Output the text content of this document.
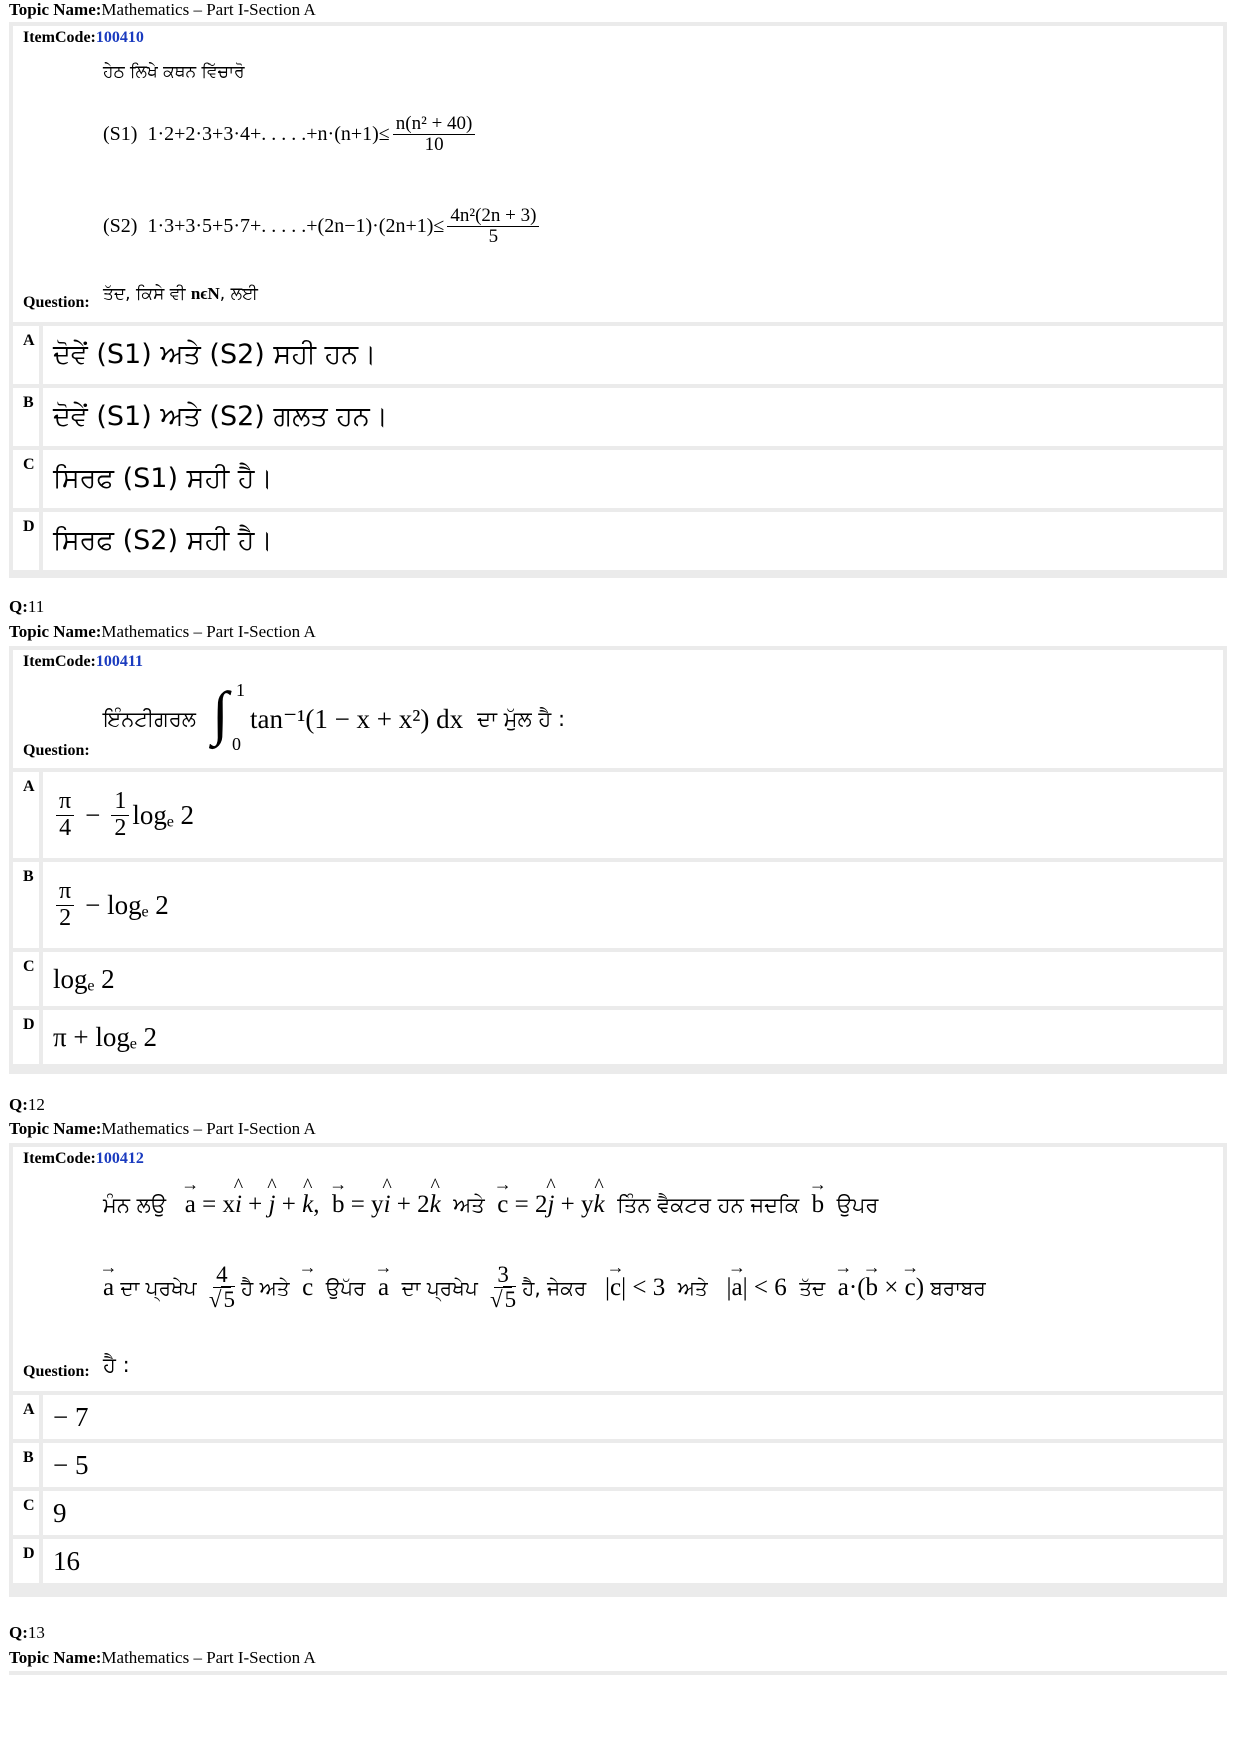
Topic Name:Mathematics – Part I-Section A
ItemCode:100410
ਹੇਠ ਲਿਖੇ ਕਥਨ ਵਿੱਚਾਰੋ
(S1)
1·2+2·3+3·4+. . . . $.+n\cdot(n+1)\le \frac{\text{n(n² + 40)}}{10}$
(S2)
1·3+3·5+5·7+. . . . $.+(2n-1)\cdot(2n+1)\le \frac{\text{4n²(2n + 3)}}{5}$
Question: ਤੱਦ, ਕਿਸੇ ਵੀ nϵN, ਲਈ
A ਦੋਵੇਂ (S1) ਅਤੇ (S2) ਸਹੀ ਹਨ।
B ਦੋਵੇਂ (S1) ਅਤੇ (S2) ਗਲਤ ਹਨ।
C ਸਿਰਫ (S1) ਸਹੀ ਹੈ।
D ਸਿਰਫ (S2) ਸਹੀ ਹੈ।
Q:11
Topic Name:Mathematics – Part I-Section A
ItemCode:100411
ਇੰਨਟੀਗਰਲ ∫ 1
0
tan⁻¹(1 − x + x²) dx ਦਾ ਮੁੱਲ ਹੈ :
Question:
A
$\frac{\pi}{4} - \frac{1}{2}$ logₑ 2
B
$\frac{\pi}{2} - \log_e$ 2
C logₑ 2
D π + logₑ 2
Q:12
Topic Name:Mathematics – Part I-Section A
ItemCode:100412
ਮੰਨ ਲਉ
→ a = x ^ i + ^ j + ^ k , → b = y ^ i + 2 ^ k
ਅਤੇ
→ c = 2 ^ j + y ^ k
ਤਿੰਨ ਵੈਕਟਰ ਹਨ ਜਦਕਿ
→ b
ਉਪਰ
→ a
ਦਾ ਪ੍ਰਖੇਪ
$\frac{4}{√5}$ ਹੈ ਅਤੇ
→ c
ਉਪੱਰ
→ a
ਦਾ ਪ੍ਰਖੇਪ
$\frac{3}{√5}$ ਹੈ, ਜੇਕਰ | → c | < 3 ਅਤੇ | → a | < 6 ਤੱਦ
→ a ·( → b × → c ) ਬਰਾਬਰ
Question: ਹੈ :
A − 7
B − 5
C 9
D 16
Q:13
Topic Name:Mathematics – Part I-Section A
